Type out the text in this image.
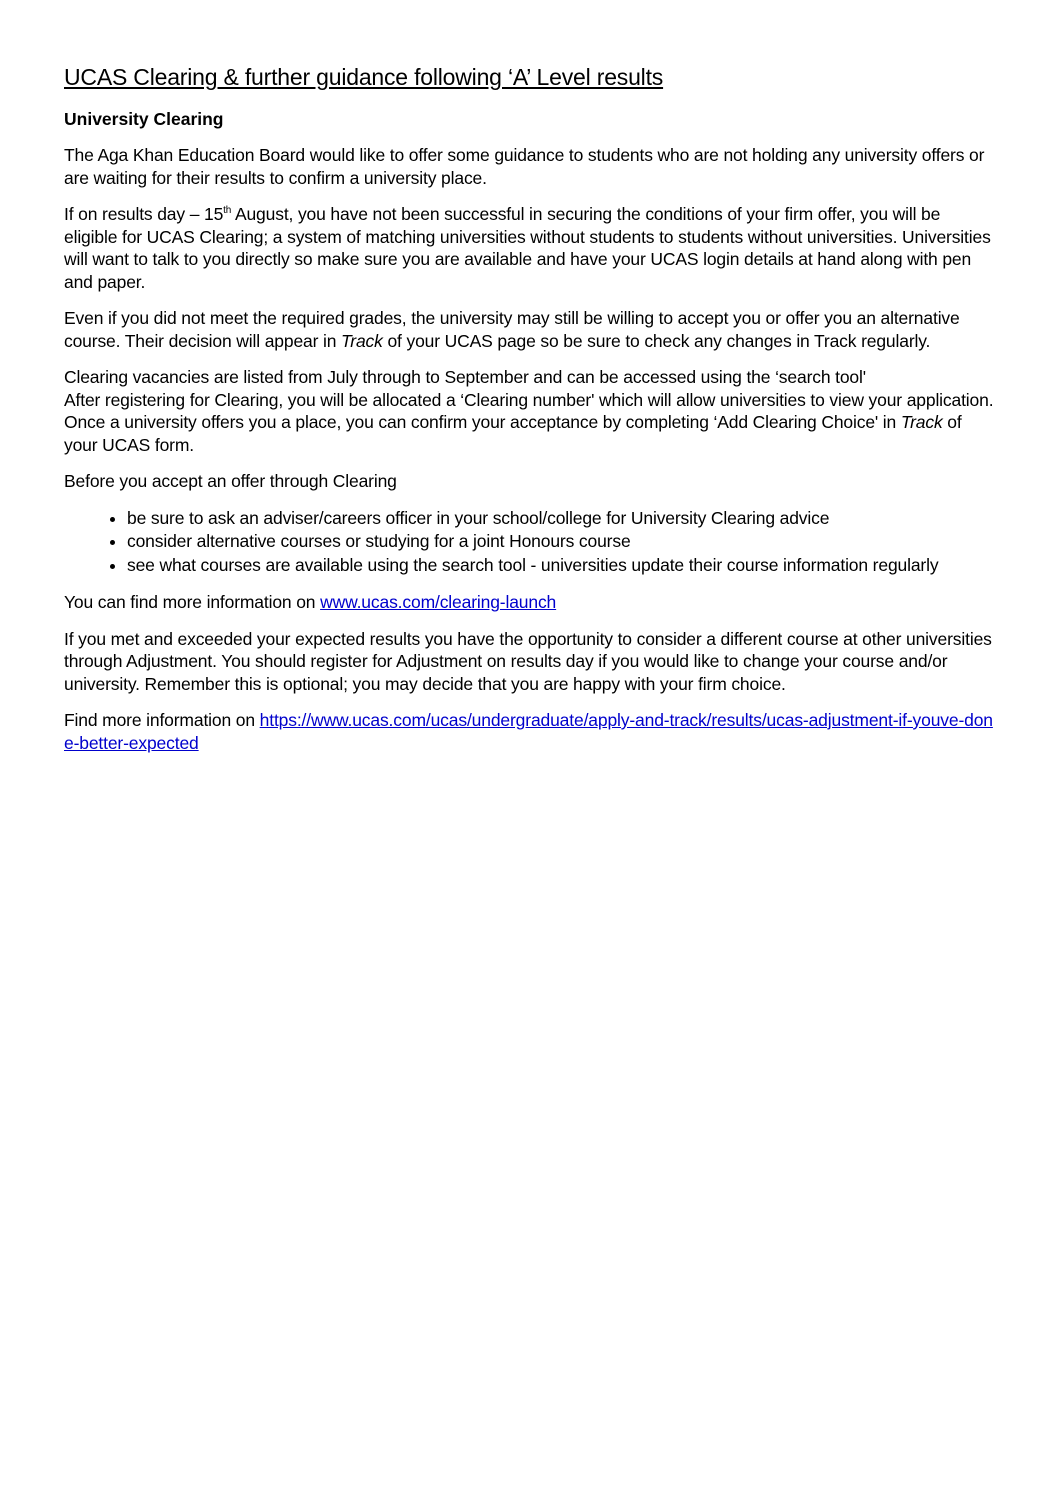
UCAS Clearing & further guidance following ‘A’ Level results
University Clearing

The Aga Khan Education Board would like to offer some guidance to students who are not holding any university offers or are waiting for their results to confirm a university place.

If on results day – 15th August, you have not been successful in securing the conditions of your firm offer, you will be eligible for UCAS Clearing; a system of matching universities without students to students without universities. Universities will want to talk to you directly so make sure you are available and have your UCAS login details at hand along with pen and paper.

Even if you did not meet the required grades, the university may still be willing to accept you or offer you an alternative course. Their decision will appear in Track of your UCAS page so be sure to check any changes in Track regularly.

Clearing vacancies are listed from July through to September and can be accessed using the ‘search tool'
After registering for Clearing, you will be allocated a ‘Clearing number' which will allow universities to view your application. Once a university offers you a place, you can confirm your acceptance by completing ‘Add Clearing Choice' in Track of your UCAS form.

Before you accept an offer through Clearing

• be sure to ask an adviser/careers officer in your school/college for University Clearing advice
• consider alternative courses or studying for a joint Honours course
• see what courses are available using the search tool - universities update their course information regularly

You can find more information on www.ucas.com/clearing-launch

If you met and exceeded your expected results you have the opportunity to consider a different course at other universities through Adjustment. You should register for Adjustment on results day if you would like to change your course and/or university. Remember this is optional; you may decide that you are happy with your firm choice.

Find more information on https://www.ucas.com/ucas/undergraduate/apply-and-track/results/ucas-adjustment-if-youve-done-better-expected
